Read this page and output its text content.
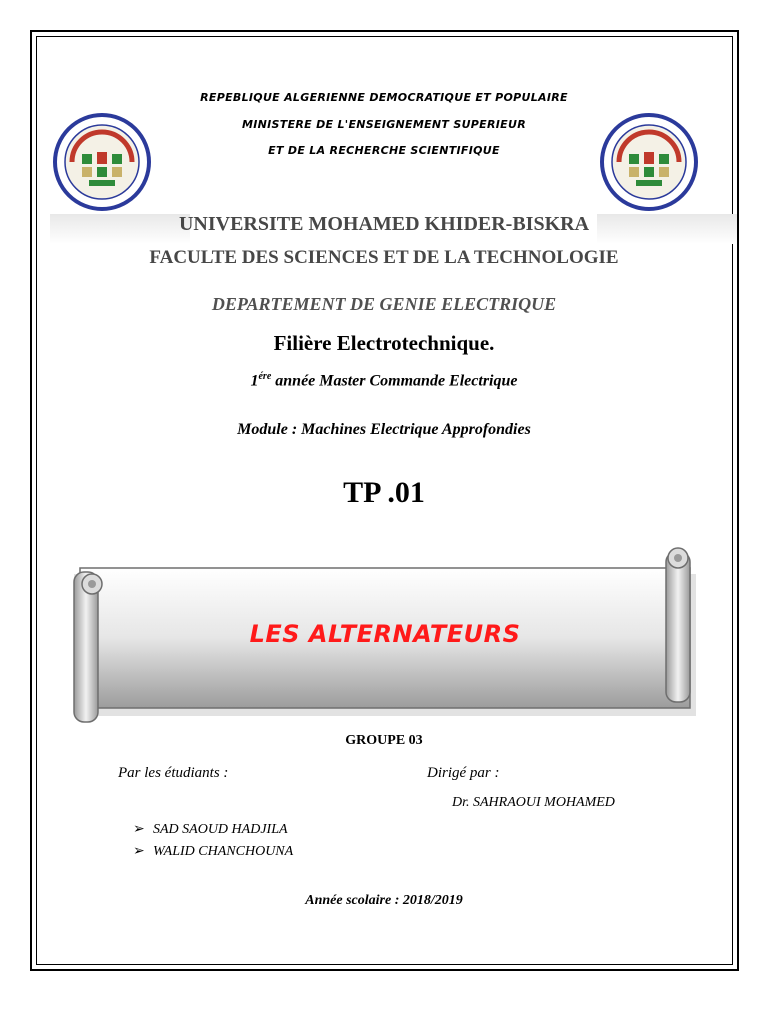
REPEBLIQUE ALGERIENNE DEMOCRATIQUE ET POPULAIRE
MINISTERE DE L'ENSEIGNEMENT SUPERIEUR
ET DE LA RECHERCHE SCIENTIFIQUE
UNIVERSITE MOHAMED KHIDER-BISKRA
FACULTE DES SCIENCES ET DE LA TECHNOLOGIE
DEPARTEMENT DE GENIE ELECTRIQUE
Filière Electrotechnique.
$1^{ére}$ année Master Commande Electrique
Module : Machines Electrique Approfondies
TP .01
LES ALTERNATEURS
GROUPE 03
Par les étudiants :	Dirigé par :
Dr. SAHRAOUI MOHAMED
➢ SAD SAOUD HADJILA
➢ WALID CHANCHOUNA
Année scolaire : 2018/2019
